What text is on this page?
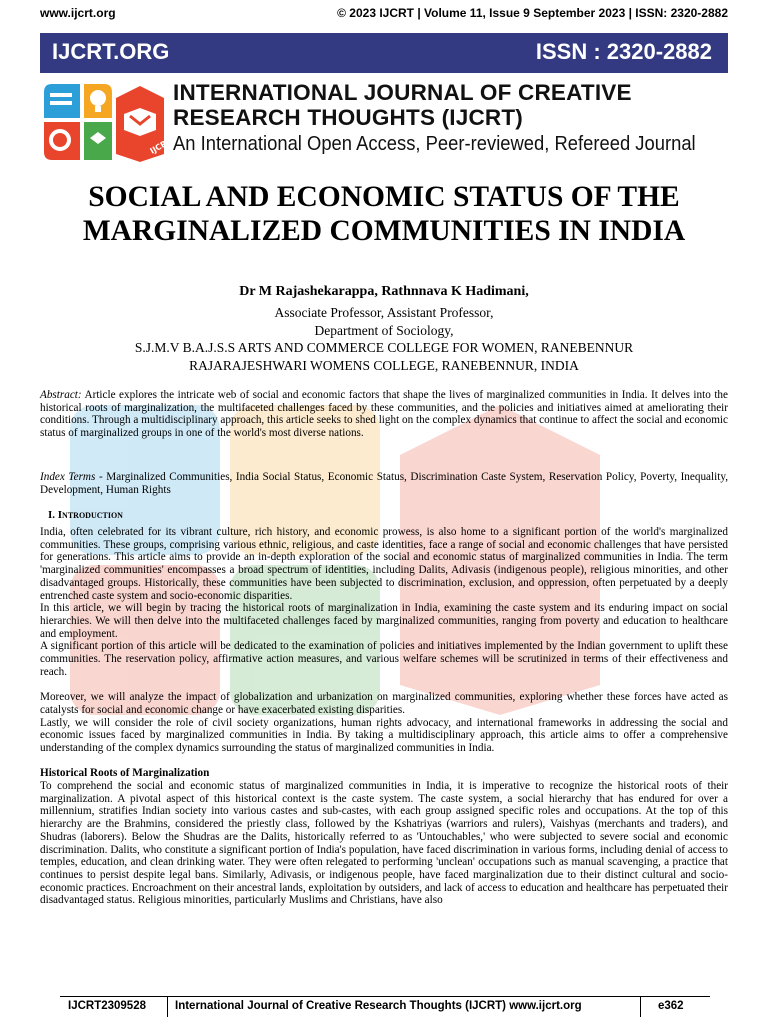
www.ijcrt.org	© 2023 IJCRT | Volume 11, Issue 9 September 2023 | ISSN: 2320-2882
IJCRT.ORG	ISSN : 2320-2882
IJCRT
INTERNATIONAL JOURNAL OF CREATIVE
RESEARCH THOUGHTS (IJCRT)
An International Open Access, Peer-reviewed, Refereed Journal
SOCIAL AND ECONOMIC STATUS OF THE
MARGINALIZED COMMUNITIES IN INDIA
Dr M Rajashekarappa, Rathnnava K Hadimani,
Associate Professor, Assistant Professor,
Department of Sociology,
S.J.M.V B.A.J.S.S ARTS AND COMMERCE COLLEGE FOR WOMEN, RANEBENNUR
RAJARAJESHWARI WOMENS COLLEGE, RANEBENNUR, INDIA
Abstract: Article explores the intricate web of social and economic factors that shape the lives of marginalized communities in India. It delves into the historical roots of marginalization, the multifaceted challenges faced by these communities, and the policies and initiatives aimed at ameliorating their conditions. Through a multidisciplinary approach, this article seeks to shed light on the complex dynamics that continue to affect the social and economic status of marginalized groups in one of the world's most diverse nations.
Index Terms - Marginalized Communities, India Social Status, Economic Status, Discrimination Caste System, Reservation Policy, Poverty, Inequality, Development, Human Rights
I. Introduction

India, often celebrated for its vibrant culture, rich history, and economic prowess, is also home to a significant portion of the world's marginalized communities. These groups, comprising various ethnic, religious, and caste identities, face a range of social and economic challenges that have persisted for generations. This article aims to provide an in-depth exploration of the social and economic status of marginalized communities in India. The term 'marginalized communities' encompasses a broad spectrum of identities, including Dalits, Adivasis (indigenous people), religious minorities, and other disadvantaged groups. Historically, these communities have been subjected to discrimination, exclusion, and oppression, often perpetuated by a deeply entrenched caste system and socio-economic disparities.

In this article, we will begin by tracing the historical roots of marginalization in India, examining the caste system and its enduring impact on social hierarchies. We will then delve into the multifaceted challenges faced by marginalized communities, ranging from poverty and education to healthcare and employment.

A significant portion of this article will be dedicated to the examination of policies and initiatives implemented by the Indian government to uplift these communities. The reservation policy, affirmative action measures, and various welfare schemes will be scrutinized in terms of their effectiveness and reach.

Moreover, we will analyze the impact of globalization and urbanization on marginalized communities, exploring whether these forces have acted as catalysts for social and economic change or have exacerbated existing disparities.

Lastly, we will consider the role of civil society organizations, human rights advocacy, and international frameworks in addressing the social and economic issues faced by marginalized communities in India. By taking a multidisciplinary approach, this article aims to offer a comprehensive understanding of the complex dynamics surrounding the status of marginalized communities in India.

Historical Roots of Marginalization

To comprehend the social and economic status of marginalized communities in India, it is imperative to recognize the historical roots of their marginalization. A pivotal aspect of this historical context is the caste system. The caste system, a social hierarchy that has endured for over a millennium, stratifies Indian society into various castes and sub-castes, with each group assigned specific roles and occupations. At the top of this hierarchy are the Brahmins, considered the priestly class, followed by the Kshatriyas (warriors and rulers), Vaishyas (merchants and traders), and Shudras (laborers). Below the Shudras are the Dalits, historically referred to as 'Untouchables,' who were subjected to severe social and economic discrimination. Dalits, who constitute a significant portion of India's population, have faced discrimination in various forms, including denial of access to temples, education, and clean drinking water. They were often relegated to performing 'unclean' occupations such as manual scavenging, a practice that continues to persist despite legal bans. Similarly, Adivasis, or indigenous people, have faced marginalization due to their distinct cultural and socio-economic practices. Encroachment on their ancestral lands, exploitation by outsiders, and lack of access to education and healthcare has perpetuated their disadvantaged status. Religious minorities, particularly Muslims and Christians, have also

IJCRT2309528	International Journal of Creative Research Thoughts (IJCRT) www.ijcrt.org	e362
